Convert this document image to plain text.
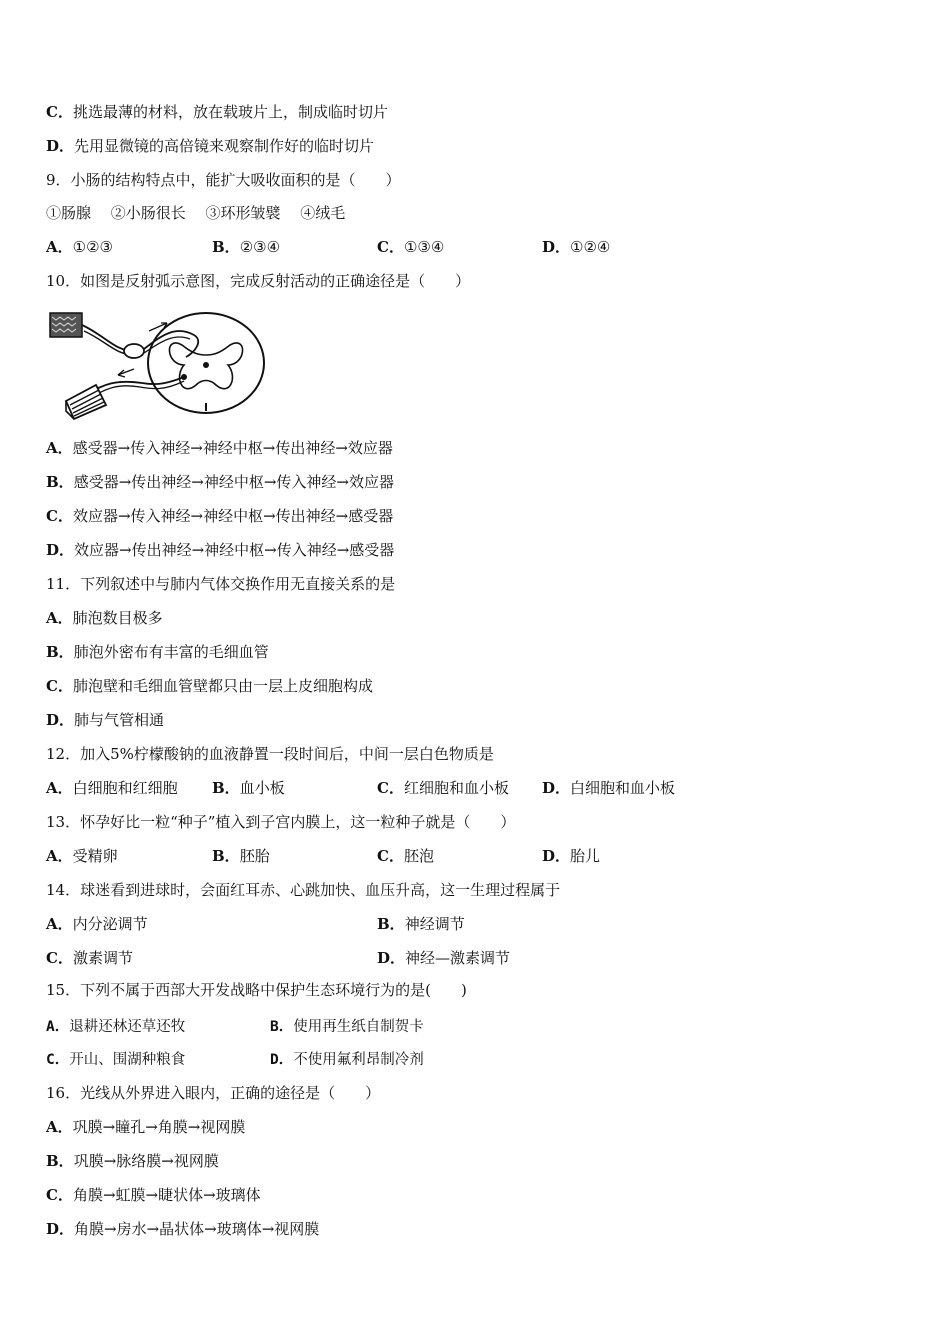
C．挑选最薄的材料，放在载玻片上，制成临时切片
D．先用显微镜的高倍镜来观察制作好的临时切片
9．小肠的结构特点中，能扩大吸收面积的是（　　）
①肠腺　 ②小肠很长　 ③环形皱襞　 ④绒毛
A．①②③	B．②③④	C．①③④	D．①②④
10．如图是反射弧示意图，完成反射活动的正确途径是（　　）
A．感受器→传入神经→神经中枢→传出神经→效应器
B．感受器→传出神经→神经中枢→传入神经→效应器
C．效应器→传入神经→神经中枢→传出神经→感受器
D．效应器→传出神经→神经中枢→传入神经→感受器
11．下列叙述中与肺内气体交换作用无直接关系的是
A．肺泡数目极多
B．肺泡外密布有丰富的毛细血管
C．肺泡壁和毛细血管壁都只由一层上皮细胞构成
D．肺与气管相通
12．加入5%柠檬酸钠的血液静置一段时间后，中间一层白色物质是
A．白细胞和红细胞 B．血小板	C．红细胞和血小板 D．白细胞和血小板
13．怀孕好比一粒“种子”植入到子宫内膜上，这一粒种子就是（　　）
A．受精卵	B．胚胎	C．胚泡	D．胎儿
14．球迷看到进球时，会面红耳赤、心跳加快、血压升高，这一生理过程属于
A．内分泌调节	B．神经调节
C．激素调节	D．神经—激素调节
15．下列不属于西部大开发战略中保护生态环境行为的是(　　)
A．退耕还林还草还牧	B．使用再生纸自制贺卡
C．开山、围湖种粮食	D．不使用氟利昂制冷剂
16．光线从外界进入眼内，正确的途径是（　　）
A．巩膜→瞳孔→角膜→视网膜
B．巩膜→脉络膜→视网膜
C．角膜→虹膜→睫状体→玻璃体
D．角膜→房水→晶状体→玻璃体→视网膜
